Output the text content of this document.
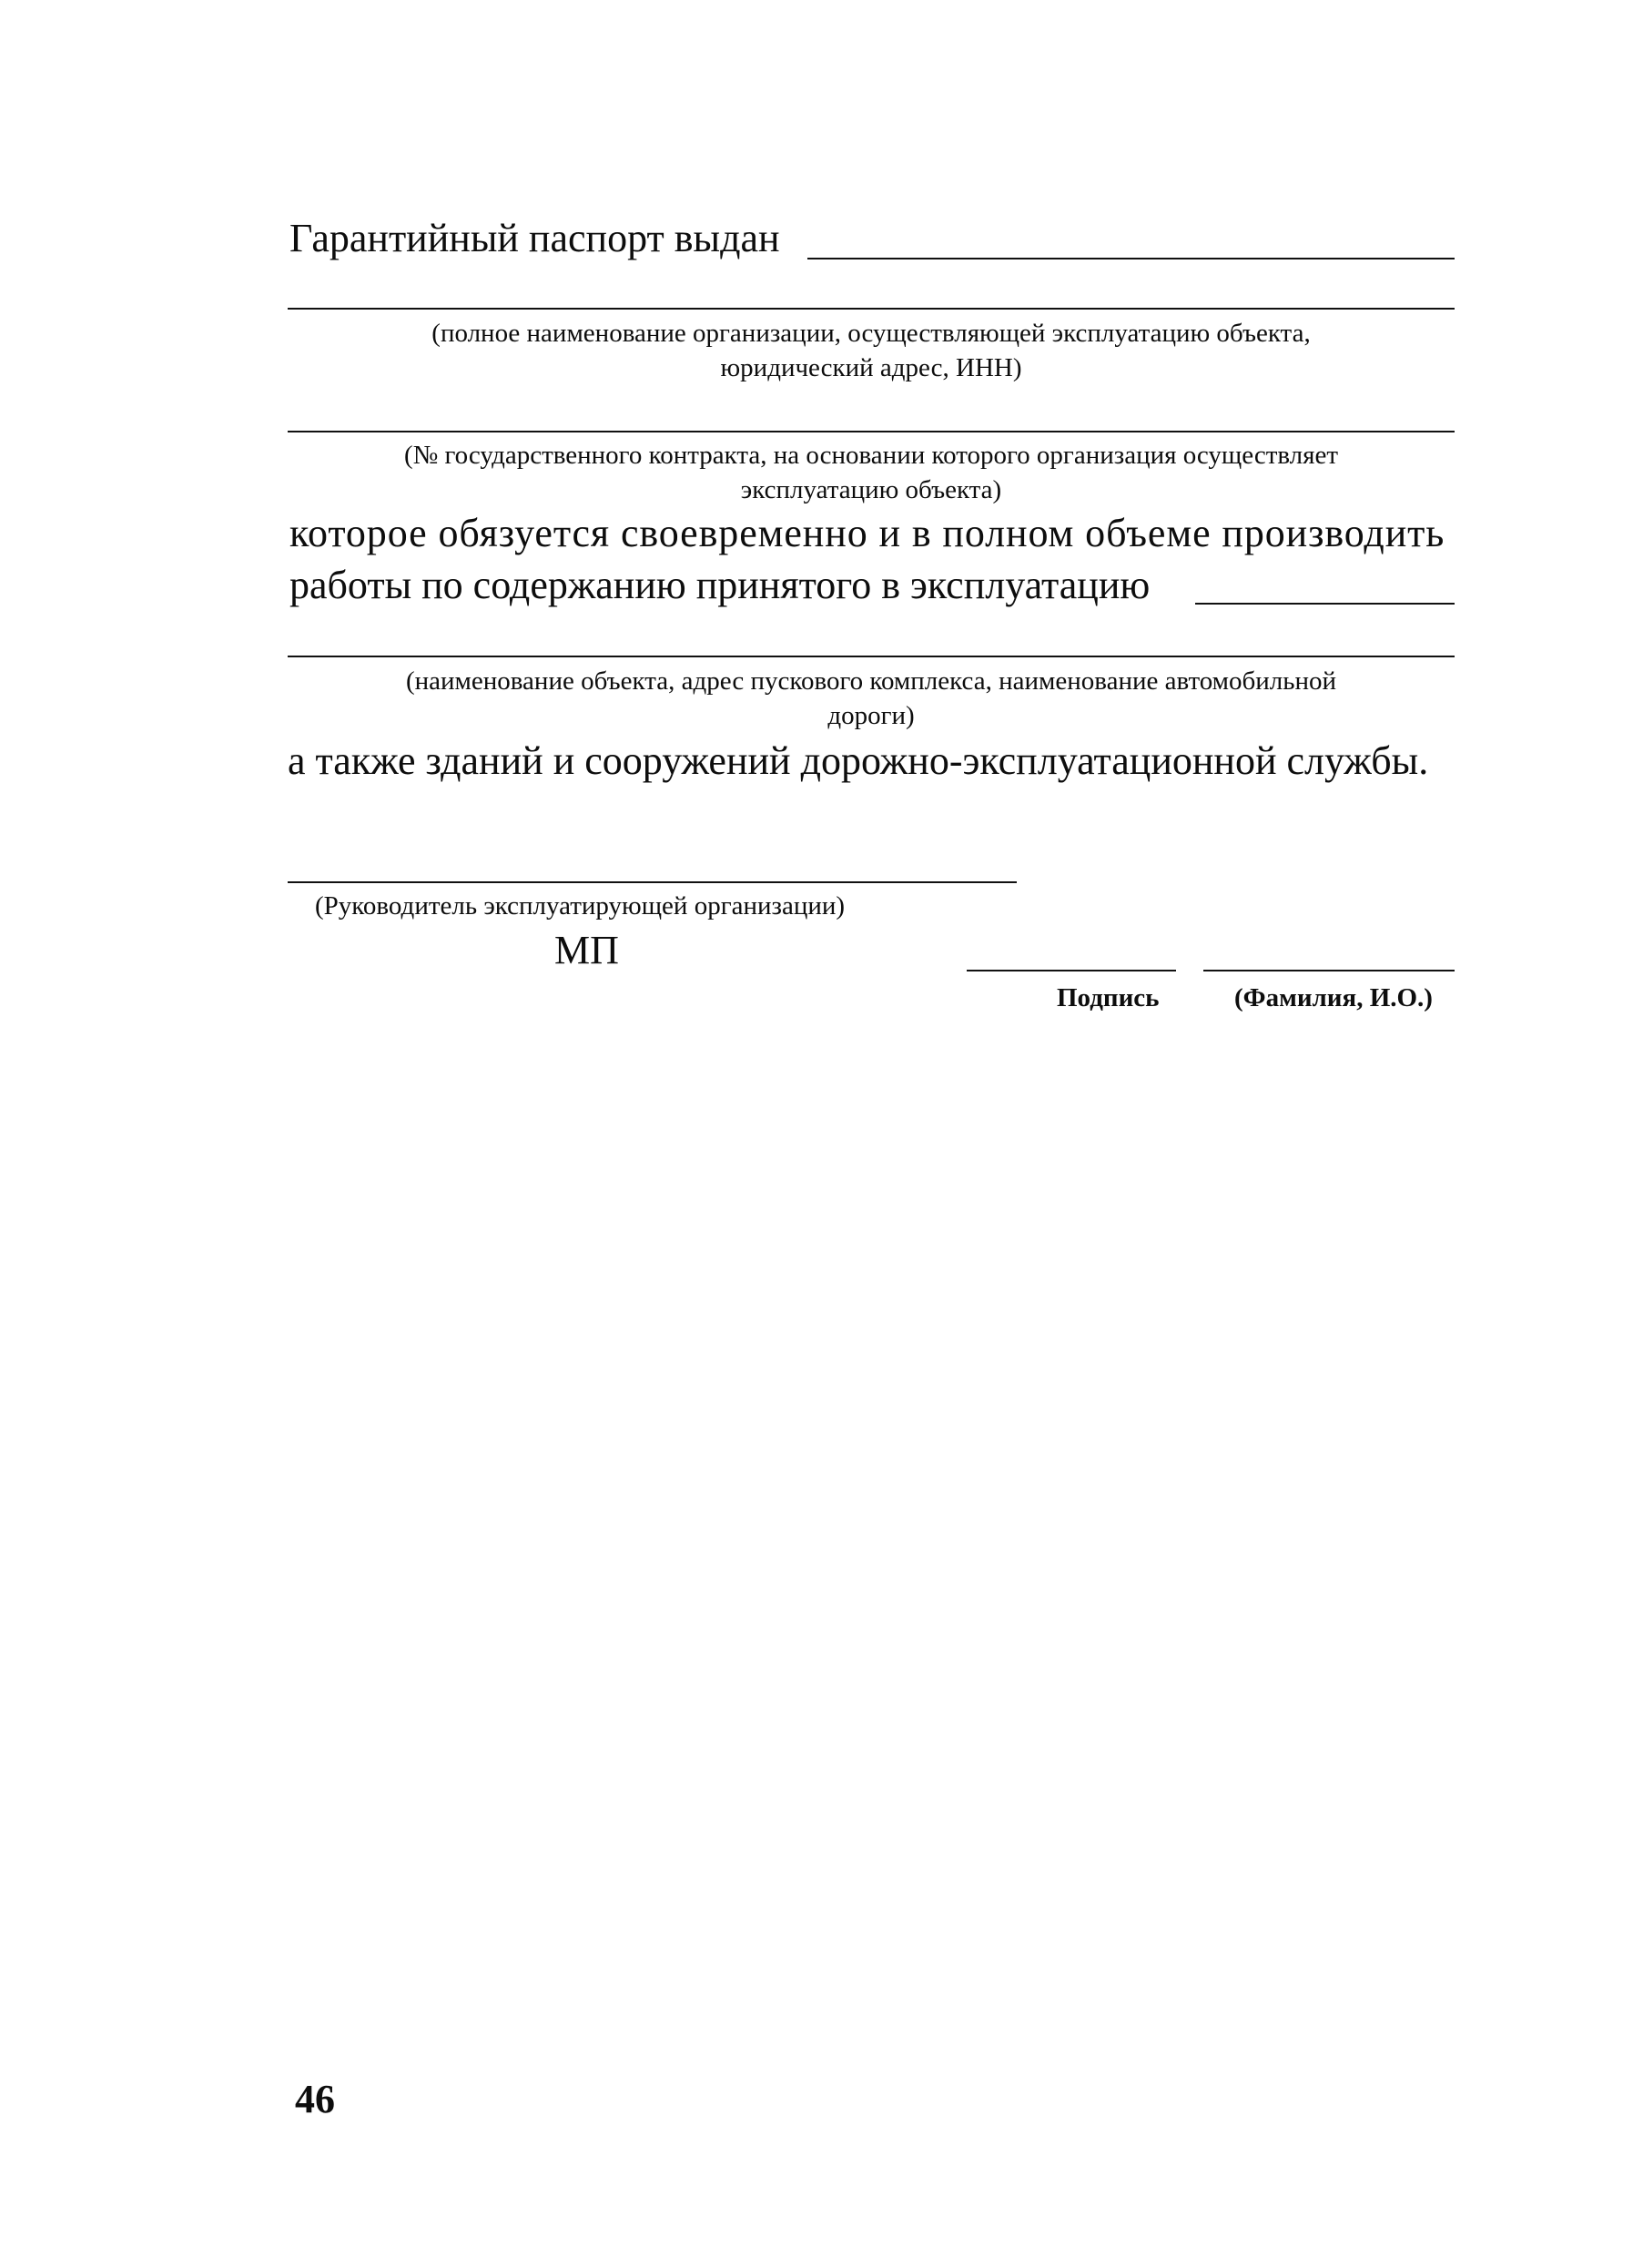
Гарантийный паспорт выдан
(полное наименование организации, осуществляющей эксплуатацию объекта,
юридический адрес, ИНН)
(№ государственного контракта, на основании которого организация осуществляет
эксплуатацию объекта)
которое обязуется своевременно и в полном объеме производить
работы по содержанию принятого в эксплуатацию
(наименование объекта, адрес пускового комплекса, наименование автомобильной
дороги)
а также зданий и сооружений дорожно-эксплуатационной службы.
(Руководитель эксплуатирующей организации)
МП
Подпись	(Фамилия, И.О.)
46
